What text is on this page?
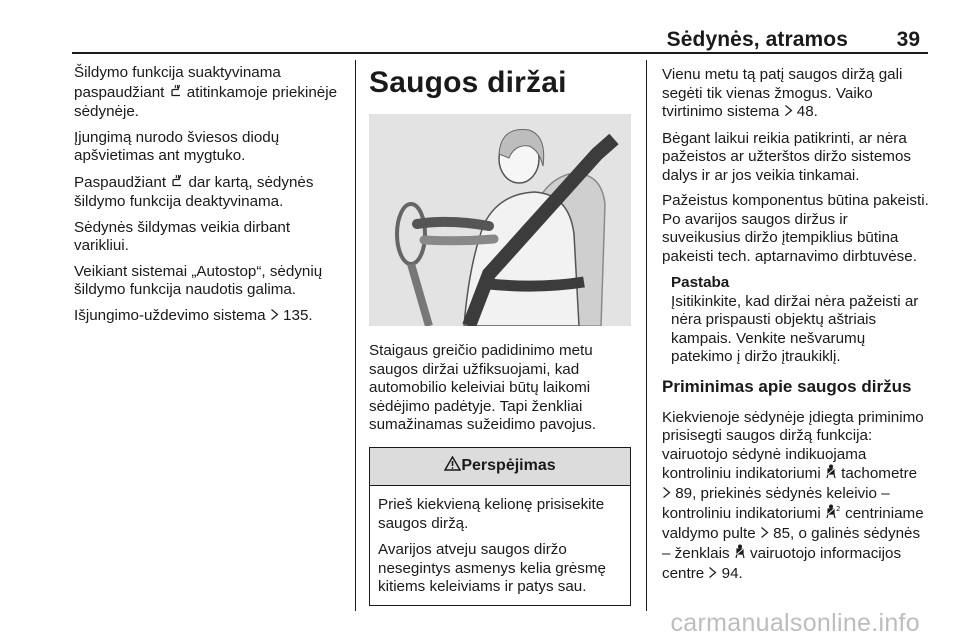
Sėdynės, atramos 39

Šildymo funkcija suaktyvinama paspaudžiant  atitinkamoje priekinėje sėdynėje.

Įjungimą nurodo šviesos diodų apšvietimas ant mygtuko.

Paspaudžiant  dar kartą, sėdynės šildymo funkcija deaktyvinama.

Sėdynės šildymas veikia dirbant varikliui.

Veikiant sistemai „Autostop“, sėdynių šildymo funkcija naudotis galima.

Išjungimo-uždevimo sistema  135.

Saugos diržai

Staigaus greičio padidinimo metu saugos diržai užfiksuojami, kad automobilio keleiviai būtų laikomi sėdėjimo padėtyje. Tapi ženkliai sumažinamas sužeidimo pavojus.

Perspėjimas

Prieš kiekvieną kelionę prisisekite saugos diržą.

Avarijos atveju saugos diržo nesegintys asmenys kelia grėsmę kitiems keleiviams ir patys sau.

Vienu metu tą patį saugos diržą gali segėti tik vienas žmogus. Vaiko tvirtinimo sistema  48.

Bėgant laikui reikia patikrinti, ar nėra pažeistos ar užterštos diržo sistemos dalys ir ar jos veikia tinkamai.

Pažeistus komponentus būtina pakeisti. Po avarijos saugos diržus ir suveikusius diržo įtempiklius būtina pakeisti tech. aptarnavimo dirbtuvėse.

Pastaba
Įsitikinkite, kad diržai nėra pažeisti ar nėra prispausti objektų aštriais kampais. Venkite nešvarumų patekimo į diržo įtraukiklį.
Priminimas apie saugos diržus

Kiekvienoje sėdynėje įdiegta priminimo prisisegti saugos diržą funkcija: vairuotojo sėdynė indikuojama kontroliniu indikatoriumi  tachometre  89, priekinės sėdynės keleivio – kontroliniu indikatoriumi 2 centriniame valdymo pulte  85, o galinės sėdynės – ženklais  vairuotojo informacijos centre  94.

carmanualsonline.info
